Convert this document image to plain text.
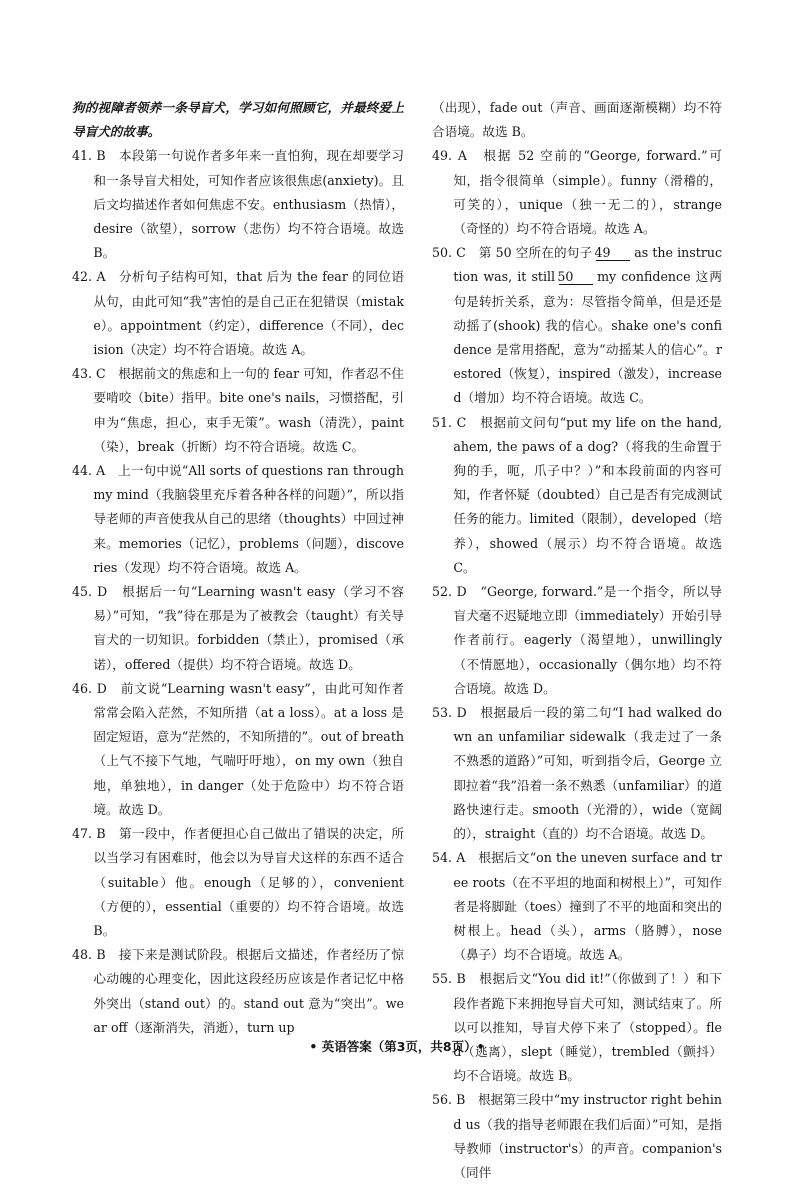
狗的视障者领养一条导盲犬，学习如何照顾它，并最终爱上导盲犬的故事。

41. B　本段第一句说作者多年来一直怕狗，现在却要学习和一条导盲犬相处，可知作者应该很焦虑(anxiety)。且后文均描述作者如何焦虑不安。enthusiasm（热情），desire（欲望），sorrow（悲伤）均不符合语境。故选 B。

42. A　分析句子结构可知，that 后为 the fear 的同位语从句，由此可知“我”害怕的是自己正在犯错误（mistake）。appointment（约定），difference（不同），decision（决定）均不符合语境。故选 A。

43. C　根据前文的焦虑和上一句的 fear 可知，作者忍不住要啃咬（bite）指甲。bite one's nails，习惯搭配，引申为“焦虑，担心，束手无策”。wash（清洗），paint（染），break（折断）均不符合语境。故选 C。

44. A　上一句中说“All sorts of questions ran through my mind（我脑袋里充斥着各种各样的问题）”，所以指导老师的声音使我从自己的思绪（thoughts）中回过神来。memories（记忆），problems（问题），discoveries（发现）均不符合语境。故选 A。

45. D　根据后一句“Learning wasn't easy（学习不容易）”可知，“我”待在那是为了被教会（taught）有关导盲犬的一切知识。forbidden（禁止），promised（承诺），offered（提供）均不符合语境。故选 D。

46. D　前文说“Learning wasn't easy”，由此可知作者常常会陷入茫然，不知所措（at a loss）。at a loss 是固定短语，意为“茫然的，不知所措的”。out of breath（上气不接下气地，气喘吁吁地），on my own（独自地，单独地），in danger（处于危险中）均不符合语境。故选 D。

47. B　第一段中，作者便担心自己做出了错误的决定，所以当学习有困难时，他会以为导盲犬这样的东西不适合（suitable）他。enough（足够的），convenient（方便的），essential（重要的）均不符合语境。故选 B。

48. B　接下来是测试阶段。根据后文描述，作者经历了惊心动魄的心理变化，因此这段经历应该是作者记忆中格外突出（stand out）的。stand out 意为“突出”。wear off（逐渐消失，消逝），turn up

（出现），fade out（声音、画面逐渐模糊）均不符合语境。故选 B。

49. A　根据 52 空前的“George, forward.”可知，指令很简单（simple）。funny（滑稽的，可笑的），unique（独一无二的），strange（奇怪的）均不符合语境。故选 A。

50. C　第 50 空所在的句子 49 as the instruction was, it still 50 my confidence 这两句是转折关系，意为：尽管指令简单，但是还是动摇了(shook) 我的信心。shake one's confidence 是常用搭配，意为“动摇某人的信心”。restored（恢复），inspired（激发），increased（增加）均不符合语境。故选 C。

51. C　根据前文问句“put my life on the hand, ahem, the paws of a dog?（将我的生命置于狗的手，呃，爪子中？）”和本段前面的内容可知，作者怀疑（doubted）自己是否有完成测试任务的能力。limited（限制），developed（培养），showed（展示）均不符合语境。故选 C。

52. D　“George, forward.”是一个指令，所以导盲犬毫不迟疑地立即（immediately）开始引导作者前行。eagerly（渴望地），unwillingly（不情愿地），occasionally（偶尔地）均不符合语境。故选 D。

53. D　根据最后一段的第二句“I had walked down an unfamiliar sidewalk（我走过了一条不熟悉的道路）”可知，听到指令后，George 立即拉着“我”沿着一条不熟悉（unfamiliar）的道路快速行走。smooth（光滑的），wide（宽阔的），straight（直的）均不合语境。故选 D。

54. A　根据后文“on the uneven surface and tree roots（在不平坦的地面和树根上）”，可知作者是将脚趾（toes）撞到了不平的地面和突出的树根上。head（头），arms（胳膊），nose（鼻子）均不合语境。故选 A。

55. B　根据后文“You did it!”（你做到了！）和下段作者跪下来拥抱导盲犬可知，测试结束了。所以可以推知，导盲犬停下来了（stopped）。fled（逃离），slept（睡觉），trembled（颤抖）均不合语境。故选 B。

56. B　根据第三段中“my instructor right behind us（我的指导老师跟在我们后面）”可知，是指导教师（instructor's）的声音。companion's（同伴

• 英语答案（第3页，共8页）•
